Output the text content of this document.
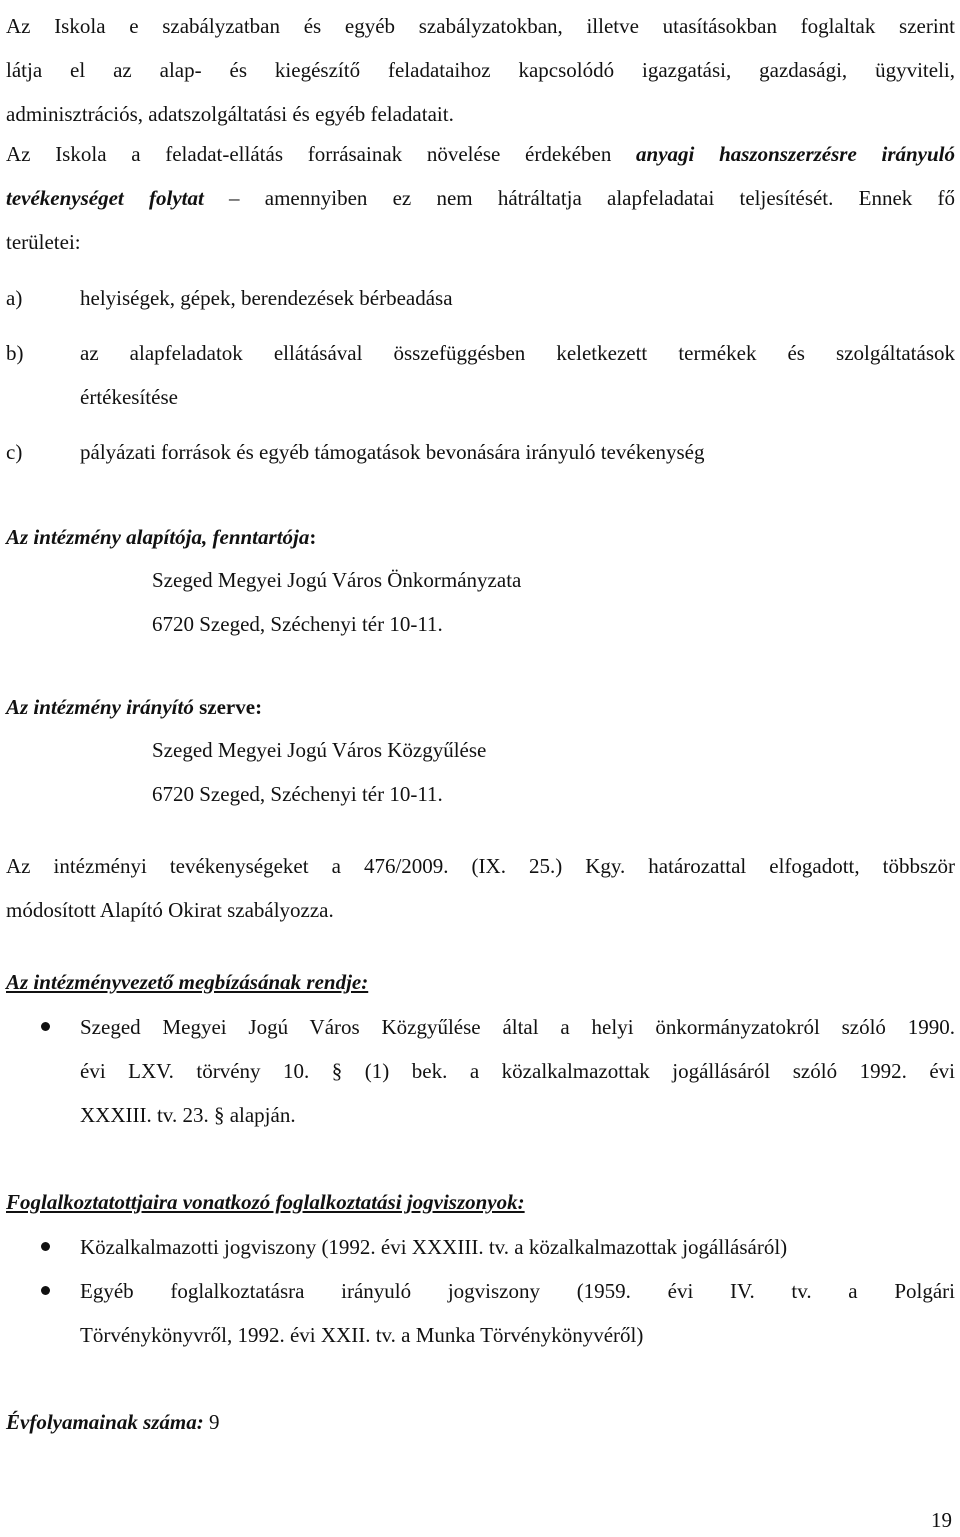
Az Iskola e szabályzatban és egyéb szabályzatokban, illetve utasításokban foglaltak szerint
látja el az alap- és kiegészítő feladataihoz kapcsolódó igazgatási, gazdasági, ügyviteli,
adminisztrációs, adatszolgáltatási és egyéb feladatait.
Az Iskola a feladat-ellátás forrásainak növelése érdekében anyagi haszonszerzésre irányuló
tevékenységet folytat – amennyiben ez nem hátráltatja alapfeladatai teljesítését. Ennek fő
területei:
a)	helyiségek, gépek, berendezések bérbeadása
b)	az alapfeladatok ellátásával összefüggésben keletkezett termékek és szolgáltatások
értékesítése
c)	pályázati források és egyéb támogatások bevonására irányuló tevékenység
Az intézmény alapítója, fenntartója:
Szeged Megyei Jogú Város Önkormányzata
6720 Szeged, Széchenyi tér 10-11.
Az intézmény irányító szerve:
Szeged Megyei Jogú Város Közgyűlése
6720 Szeged, Széchenyi tér 10-11.
Az intézményi tevékenységeket a 476/2009. (IX. 25.) Kgy. határozattal elfogadott, többször
módosított Alapító Okirat szabályozza.
Az intézményvezető megbízásának rendje:
Szeged Megyei Jogú Város Közgyűlése által a helyi önkormányzatokról szóló 1990.
évi LXV. törvény 10. § (1) bek. a közalkalmazottak jogállásáról szóló 1992. évi
XXXIII. tv. 23. § alapján.
Foglalkoztatottjaira vonatkozó foglalkoztatási jogviszonyok:
Közalkalmazotti jogviszony (1992. évi XXXIII. tv. a közalkalmazottak jogállásáról)
Egyéb foglalkoztatásra irányuló jogviszony (1959. évi IV. tv. a Polgári
Törvénykönyvről, 1992. évi XXII. tv. a Munka Törvénykönyvéről)
Évfolyamainak száma: 9
19
